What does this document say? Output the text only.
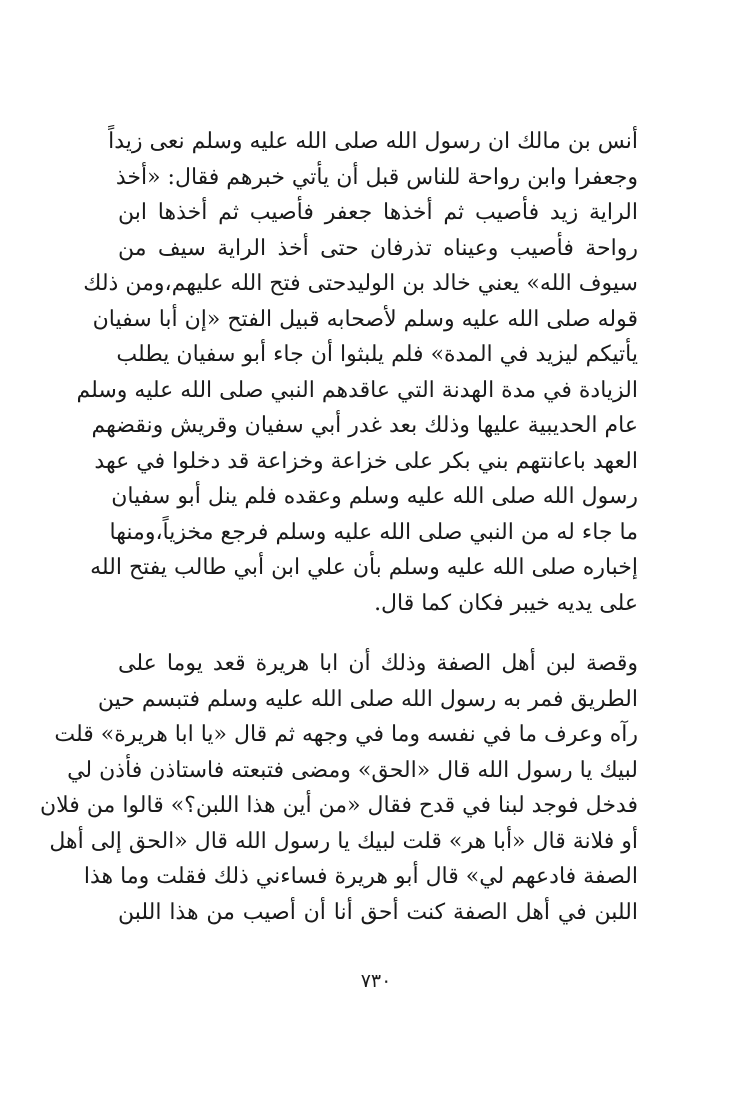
أنس بن مالك ان رسول الله صلى الله عليه وسلم نعى زيداً
وجعفرا وابن رواحة للناس قبل أن يأتي خبرهم فقال: «أخذ
الراية زيد فأصيب ثم أخذها جعفر فأصيب ثم أخذها ابن
رواحة فأصيب وعيناه تذرفان حتى أخذ الراية سيف من
سيوف الله» يعني خالد بن الوليدحتى فتح الله عليهم،ومن ذلك
قوله صلى الله عليه وسلم لأصحابه قبيل الفتح «إن أبا سفيان
يأتيكم ليزيد في المدة» فلم يلبثوا أن جاء أبو سفيان يطلب
الزيادة في مدة الهدنة التي عاقدهم النبي صلى الله عليه وسلم
عام الحديبية عليها وذلك بعد غدر أبي سفيان وقريش ونقضهم
العهد باعانتهم بني بكر على خزاعة وخزاعة قد دخلوا في عهد
رسول الله صلى الله عليه وسلم وعقده فلم ينل أبو سفيان
ما جاء له من النبي صلى الله عليه وسلم فرجع مخزياً،ومنها
إخباره صلى الله عليه وسلم بأن علي ابن أبي طالب يفتح الله
على يديه خيبر فكان كما قال.
وقصة لبن أهل الصفة وذلك أن ابا هريرة قعد يوما على
الطريق فمر به رسول الله صلى الله عليه وسلم فتبسم حين
رآه وعرف ما في نفسه وما في وجهه ثم قال «يا ابا هريرة» قلت
لبيك يا رسول الله قال «الحق» ومضى فتبعته فاستاذن فأذن لي
فدخل فوجد لبنا في قدح فقال «من أين هذا اللبن؟» قالوا من فلان
أو فلانة قال «أبا هر» قلت لبيك يا رسول الله قال «الحق إلى أهل
الصفة فادعهم لي» قال أبو هريرة فساءني ذلك فقلت وما هذا
اللبن في أهل الصفة كنت أحق أنا أن أصيب من هذا اللبن
٧٣٠
